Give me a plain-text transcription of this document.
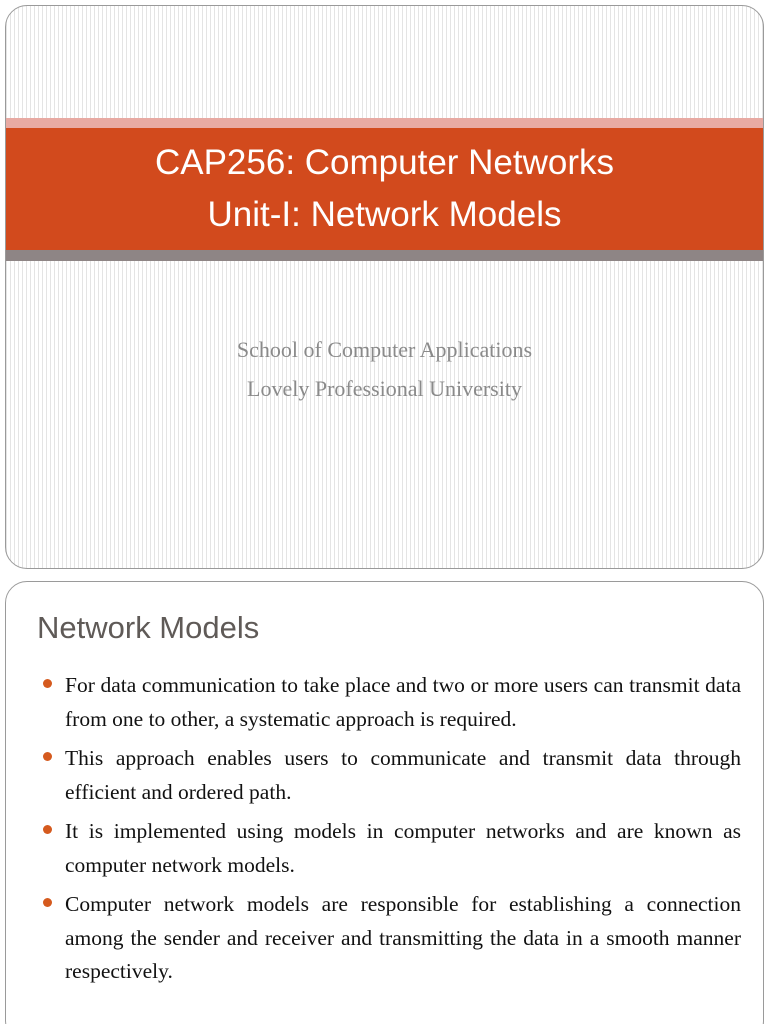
CAP256: Computer Networks

Unit-I: Network Models

School of Computer Applications

Lovely Professional University

Network Models
For data communication to take place and two or more users can transmit data from one to other, a systematic approach is required.
This approach enables users to communicate and transmit data through efficient and ordered path.
It is implemented using models in computer networks and are known as computer network models.
Computer network models are responsible for establishing a connection among the sender and receiver and transmitting the data in a smooth manner respectively.
